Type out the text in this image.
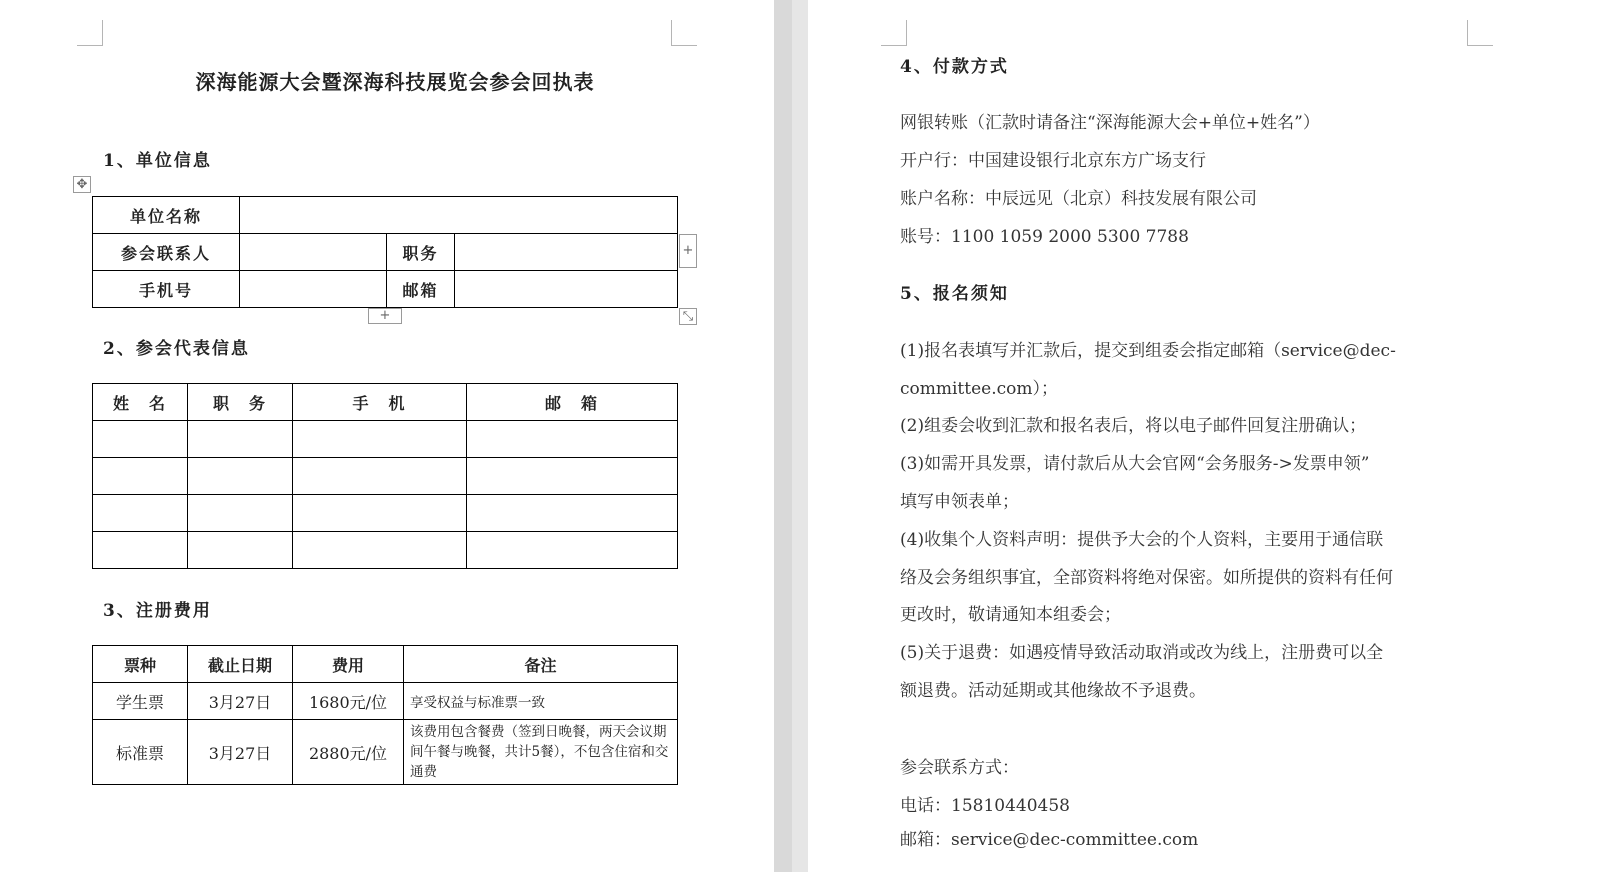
深海能源大会暨深海科技展览会参会回执表
1、单位信息
✥
单位名称			
参会联系人		职务	
手机号		邮箱	
+
+	⤡
2、参会代表信息
姓　名	职　务	手　机	邮　箱

3、注册费用
票种	截止日期	费用	备注
学生票	3月27日	1680元/位	享受权益与标准票一致
标准票	3月27日	2880元/位	该费用包含餐费（签到日晚餐，两天会议期间午餐与晚餐，共计5餐），不包含住宿和交通费
4、付款方式
网银转账（汇款时请备注“深海能源大会+单位+姓名”）
开户行：中国建设银行北京东方广场支行
账户名称：中辰远见（北京）科技发展有限公司
账号：1100 1059 2000 5300 7788
5、报名须知
(1)报名表填写并汇款后，提交到组委会指定邮箱（service@dec-
committee.com）；
(2)组委会收到汇款和报名表后，将以电子邮件回复注册确认；
(3)如需开具发票，请付款后从大会官网“会务服务->发票申领”
填写申领表单；
(4)收集个人资料声明：提供予大会的个人资料，主要用于通信联
络及会务组织事宜，全部资料将绝对保密。如所提供的资料有任何
更改时，敬请通知本组委会；
(5)关于退费：如遇疫情导致活动取消或改为线上，注册费可以全
额退费。活动延期或其他缘故不予退费。
参会联系方式：
电话：15810440458
邮箱：service@dec-committee.com
